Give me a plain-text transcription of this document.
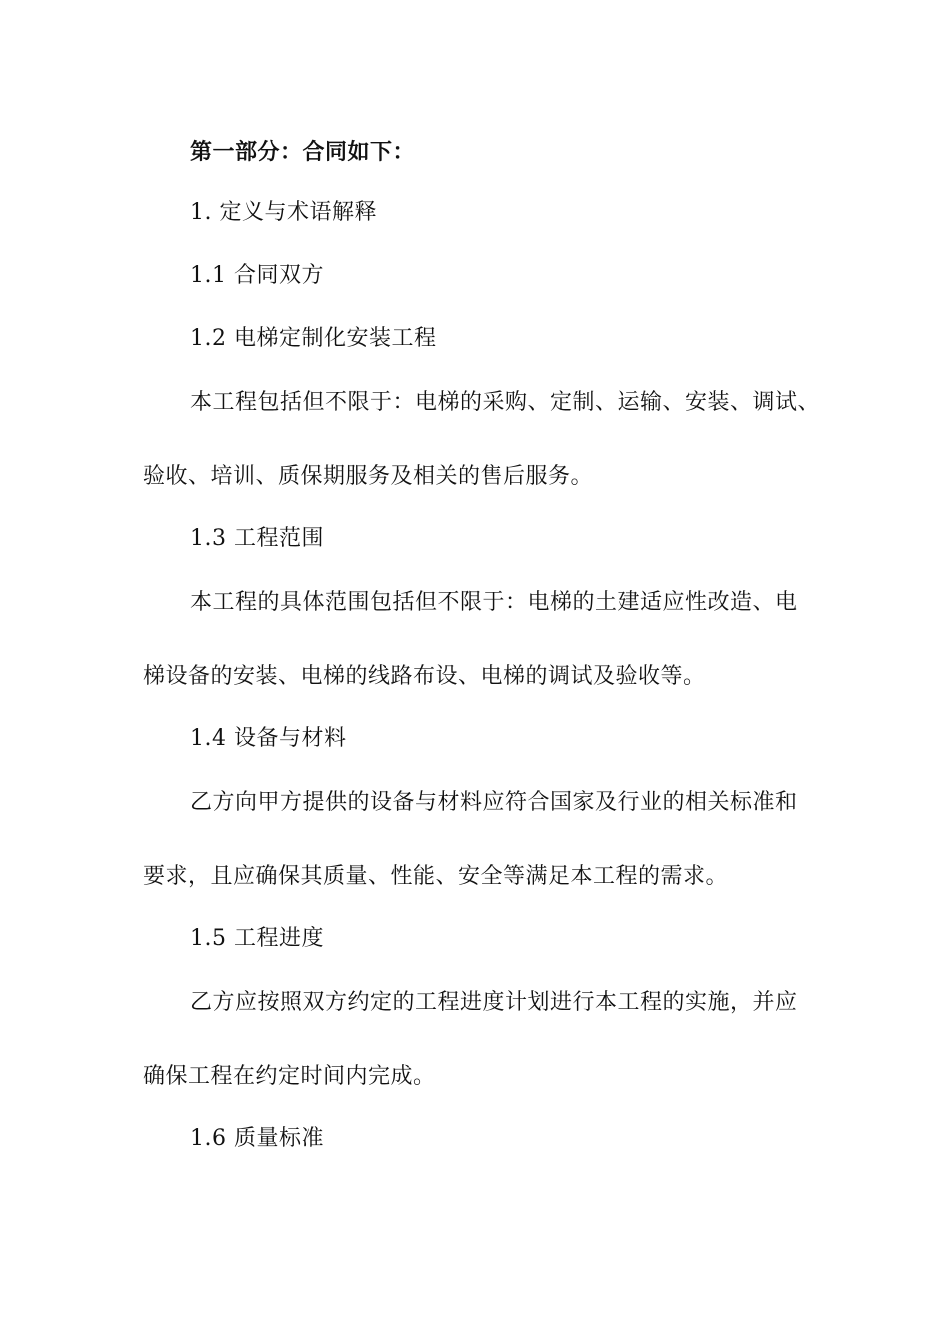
第一部分：合同如下：
1. 定义与术语解释
1.1 合同双方
1.2 电梯定制化安装工程
本工程包括但不限于：电梯的采购、定制、运输、安装、调试、
验收、培训、质保期服务及相关的售后服务。
1.3 工程范围
本工程的具体范围包括但不限于：电梯的土建适应性改造、电
梯设备的安装、电梯的线路布设、电梯的调试及验收等。
1.4 设备与材料
乙方向甲方提供的设备与材料应符合国家及行业的相关标准和
要求，且应确保其质量、性能、安全等满足本工程的需求。
1.5 工程进度
乙方应按照双方约定的工程进度计划进行本工程的实施，并应
确保工程在约定时间内完成。
1.6 质量标准
